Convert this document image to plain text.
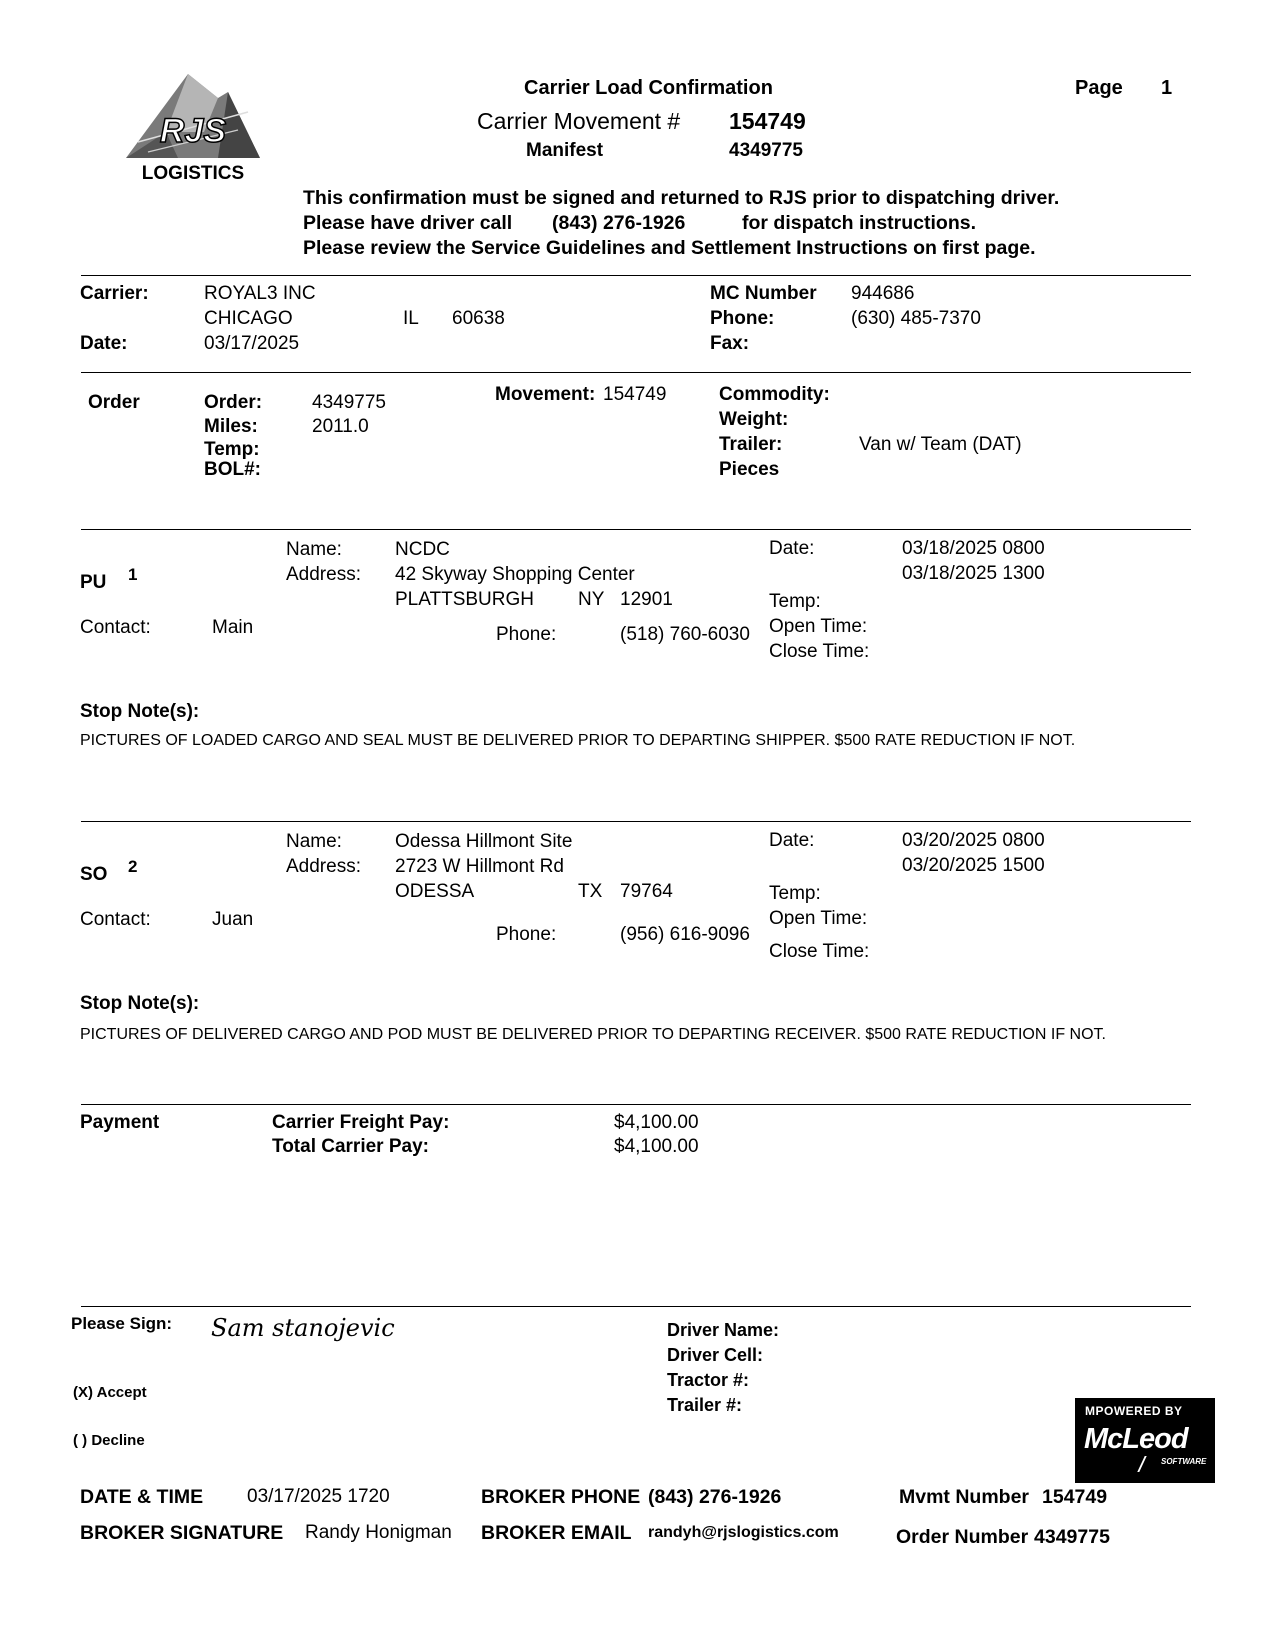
RJS
LOGISTICS
Carrier Load Confirmation	Page 1
Carrier Movement # 154749
Manifest	4349775
This confirmation must be signed and returned to RJS prior to dispatching driver.
Please have driver call (843) 276-1926	for dispatch instructions.
Please review the Service Guidelines and Settlement Instructions on first page.
Carrier:	ROYAL3 INC
CHICAGO	IL 60638
Date:	03/17/2025
MC Number 944686
Phone:	(630) 485-7370
Fax:
Order	Order:	4349775
Miles:	2011.0
Temp:
BOL#:
Movement: 154749	Commodity:
Weight:
Trailer:	Van w/ Team (DAT)
Pieces
PU 1
Name:	NCDC
Address: 42 Skyway Shopping Center
PLATTSBURGH NY 12901
Date:	03/18/2025 0800
03/18/2025 1300
Temp:
Open Time:
Close Time:
Contact:	Main	Phone:	(518) 760-6030
Stop Note(s):
PICTURES OF LOADED CARGO AND SEAL MUST BE DELIVERED PRIOR TO DEPARTING SHIPPER. $500 RATE REDUCTION IF NOT.
SO 2
Name:	Odessa Hillmont Site
Address: 2723 W Hillmont Rd
ODESSA	TX 79764
Date:	03/20/2025 0800
03/20/2025 1500
Temp:
Open Time:
Close Time:
Contact:	Juan
Phone:	(956) 616-9096
Stop Note(s):
PICTURES OF DELIVERED CARGO AND POD MUST BE DELIVERED PRIOR TO DEPARTING RECEIVER. $500 RATE REDUCTION IF NOT.
Payment	Carrier Freight Pay:	$4,100.00
Total Carrier Pay:	$4,100.00
Please Sign: Sam stanojevic
(X) Accept
( ) Decline
Driver Name:
Driver Cell:
Tractor #:
Trailer #:	MPOWERED BY
McLeod
SOFTWARE
DATE & TIME 03/17/2025 1720	BROKER PHONE (843) 276-1926	Mvmt Number 154749
BROKER SIGNATURE Randy Honigman BROKER EMAIL randyh@rjslogistics.com	Order Number 4349775
